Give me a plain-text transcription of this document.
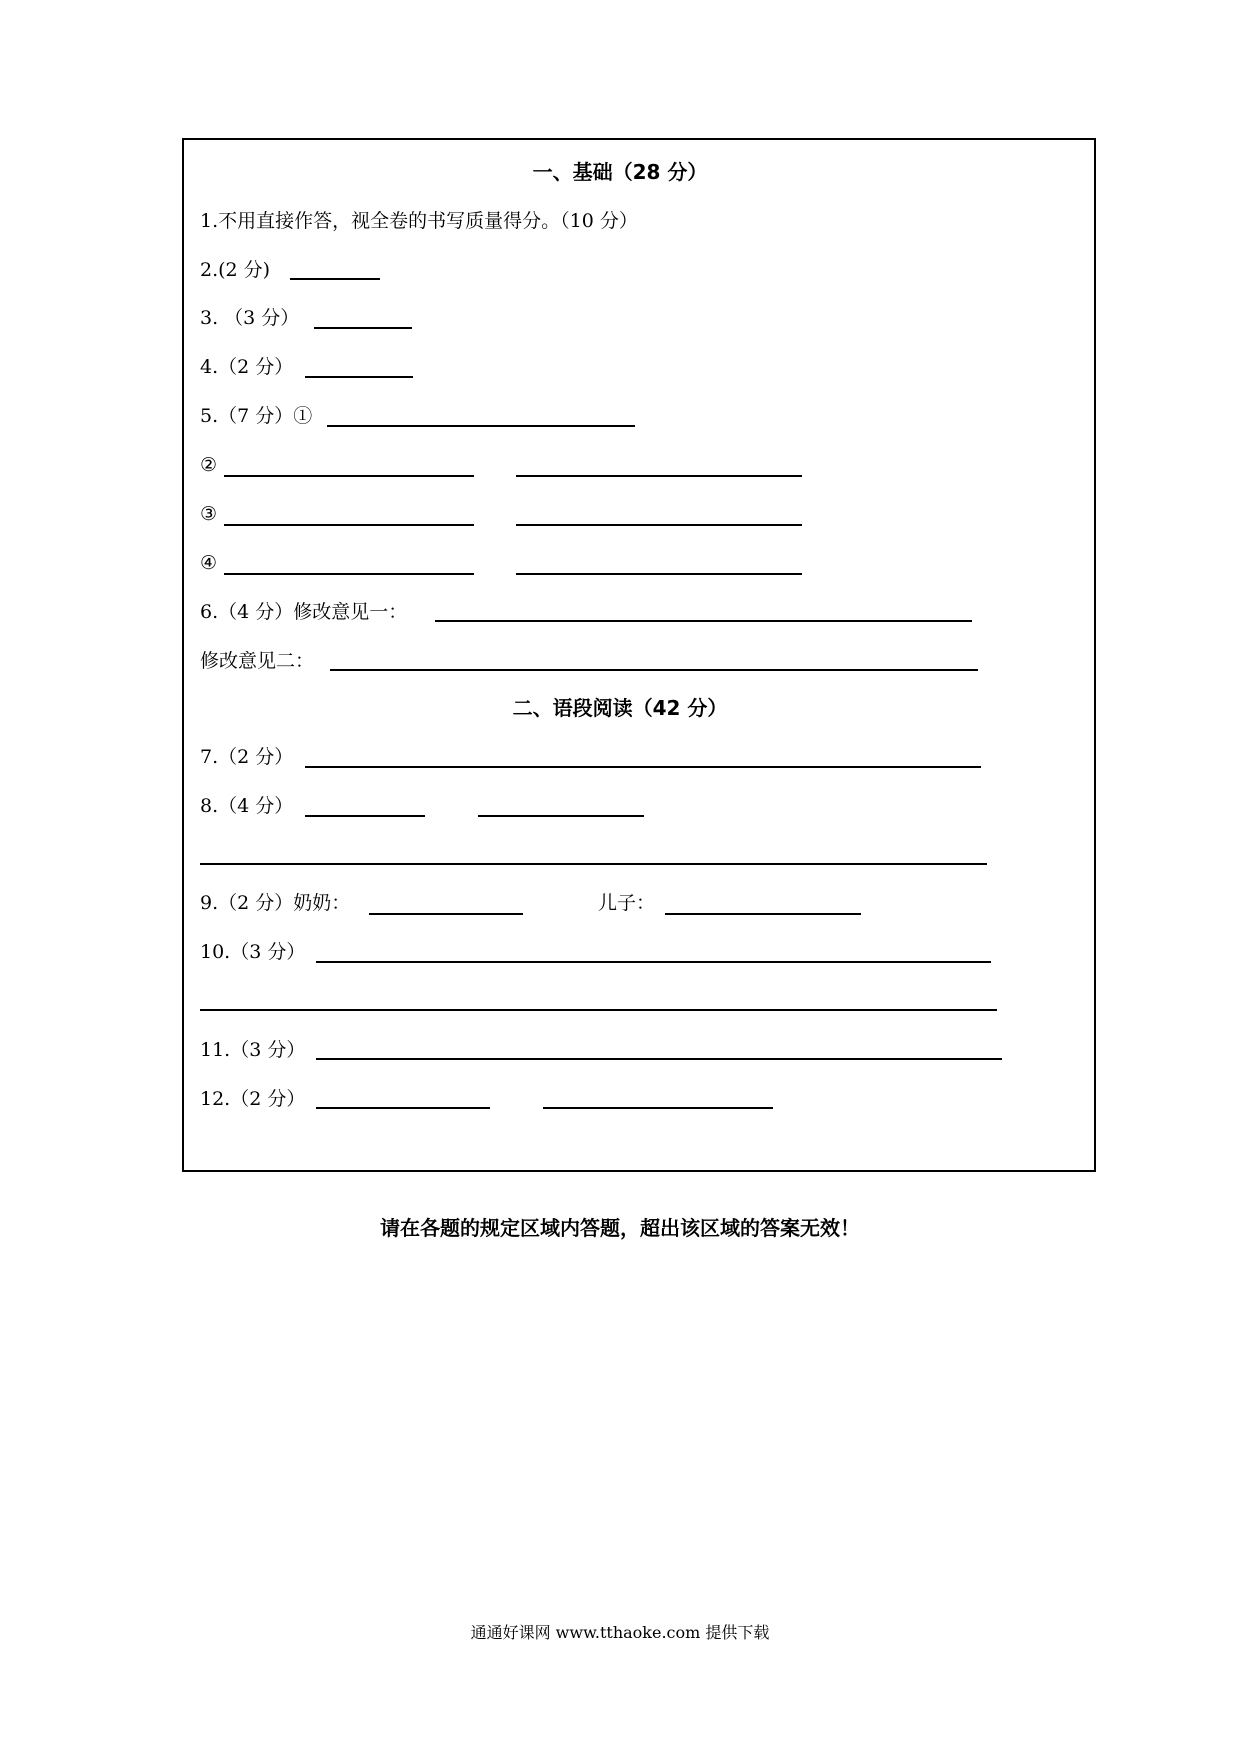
一、基础（28 分）
1.不用直接作答，视全卷的书写质量得分。（10 分）
2.(2 分)
3. （3 分）
4.（2 分）
5.（7 分）①
②
③
④
6.（4 分）修改意见一：
修改意见二：
二、语段阅读（42 分）
7.（2 分）
8.（4 分）
9.（2 分）奶奶：	儿子：
10.（3 分）
11.（3 分）
12.（2 分）
请在各题的规定区域内答题，超出该区域的答案无效！
通通好课网 www.tthaoke.com 提供下载
